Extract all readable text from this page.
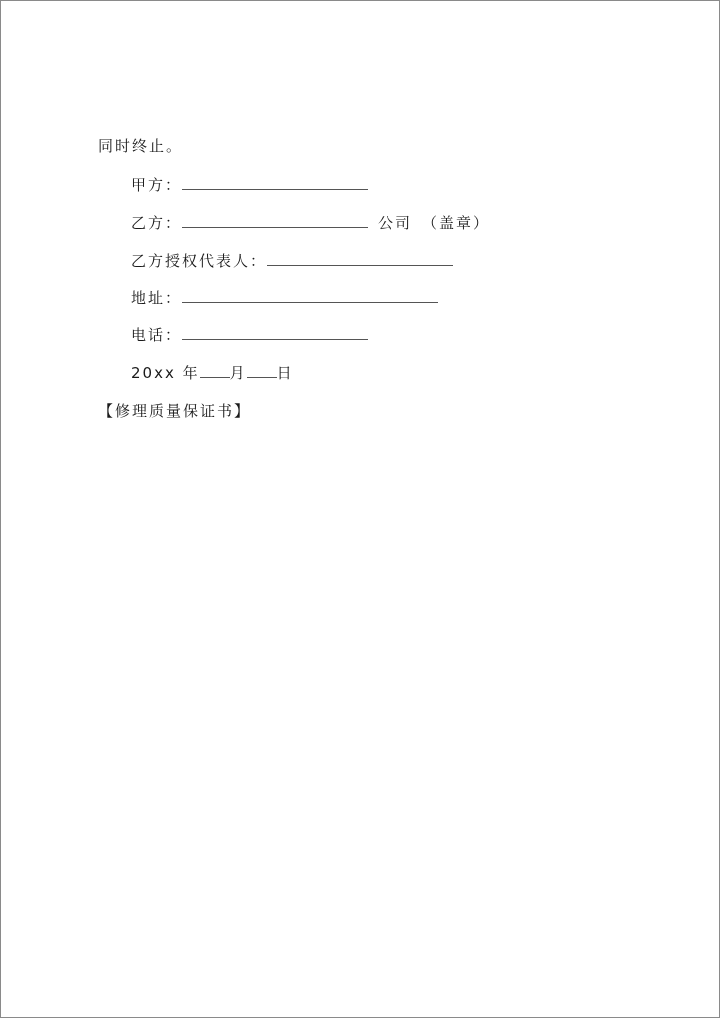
同时终止。
甲方：
乙方：	公司 （盖章）
乙方授权代表人：
地址：
电话：
20xx 年 月 日
【修理质量保证书】
